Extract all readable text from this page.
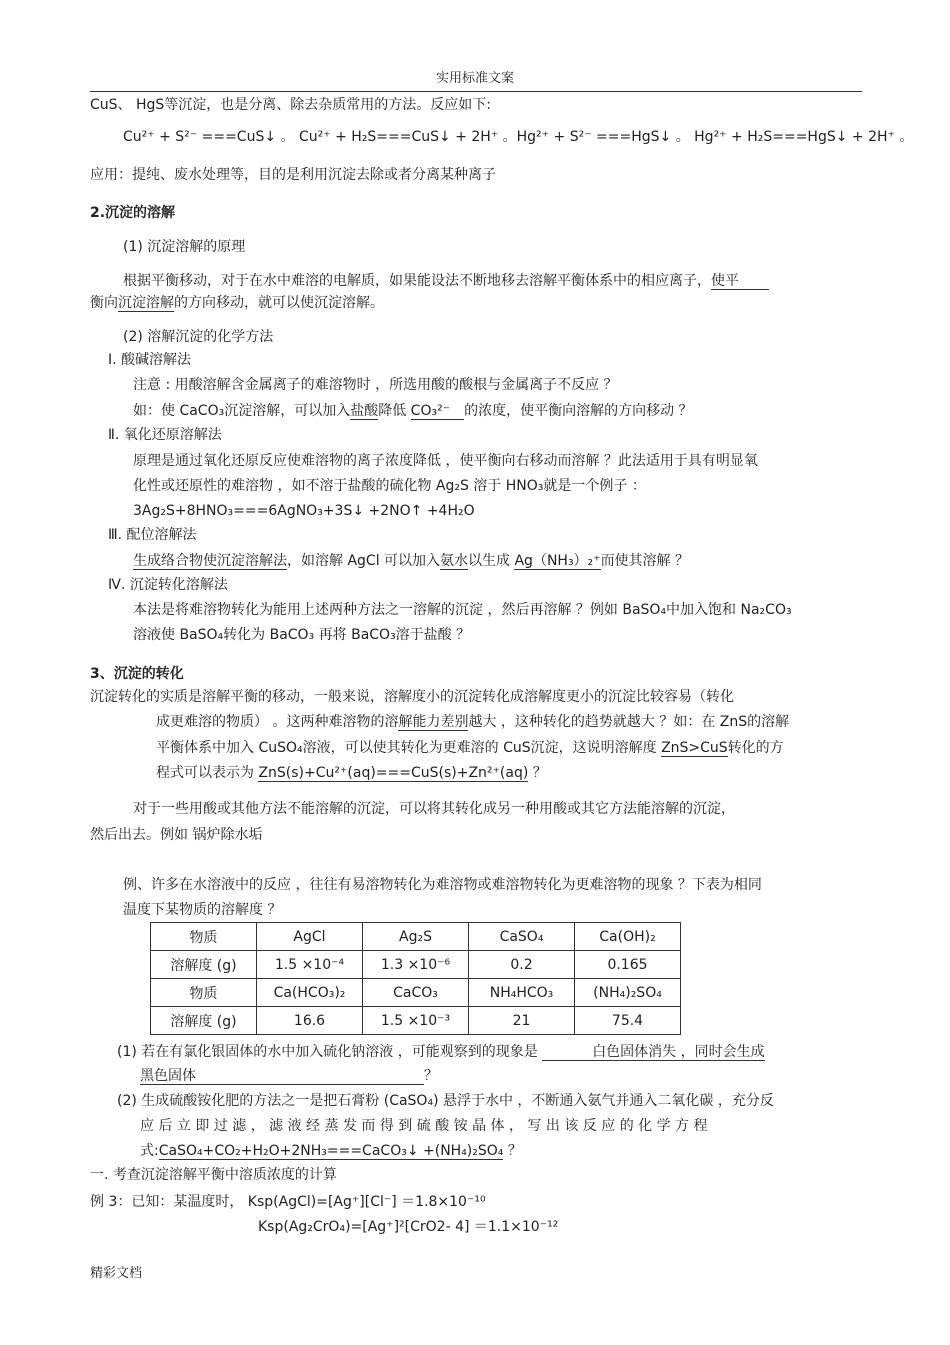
实用标准文案
CuS、 HgS等沉淀，也是分离、除去杂质常用的方法。反应如下:
Cu²⁺ + S²⁻ ===CuS↓ 。 Cu²⁺ + H₂S===CuS↓ + 2H⁺ 。Hg²⁺ + S²⁻ ===HgS↓ 。 Hg²⁺ + H₂S===HgS↓ + 2H⁺ 。
应用：提纯、废水处理等，目的是利用沉淀去除或者分离某种离子
2.沉淀的溶解
(1) 沉淀溶解的原理
根据平衡移动，对于在水中难溶的电解质，如果能设法不断地移去溶解平衡体系中的相应离子，使平
衡向沉淀溶解的方向移动，就可以使沉淀溶解。
(2) 溶解沉淀的化学方法
Ⅰ. 酸碱溶解法
注意 : 用酸溶解含金属离子的难溶物时 ，所选用酸的酸根与金属离子不反应 ？
如：使 CaCO₃沉淀溶解，可以加入盐酸降低 CO₃²⁻ 的浓度，使平衡向溶解的方向移动 ？
Ⅱ. 氧化还原溶解法
原理是通过氧化还原反应使难溶物的离子浓度降低 ，使平衡向右移动而溶解 ？此法适用于具有明显氧
化性或还原性的难溶物 ，如不溶于盐酸的硫化物 Ag₂S 溶于 HNO₃就是一个例子 ：
3Ag₂S+8HNO₃===6AgNO₃+3S↓ +2NO↑ +4H₂O
Ⅲ. 配位溶解法
生成络合物使沉淀溶解法，如溶解 AgCl 可以加入氨水以生成 Ag（NH₃）₂⁺而使其溶解 ？
Ⅳ. 沉淀转化溶解法
本法是将难溶物转化为能用上述两种方法之一溶解的沉淀 ，然后再溶解 ？例如 BaSO₄中加入饱和 Na₂CO₃
溶液使 BaSO₄转化为 BaCO₃ 再将 BaCO₃溶于盐酸 ？
3、沉淀的转化
沉淀转化的实质是溶解平衡的移动，一般来说，溶解度小的沉淀转化成溶解度更小的沉淀比较容易（转化
成更难溶的物质） 。这两种难溶物的溶解能力差别越大 ，这种转化的趋势就越大 ？如：在 ZnS的溶解
平衡体系中加入 CuSO₄溶液，可以使其转化为更难溶的 CuS沉淀，这说明溶解度 ZnS>CuS转化的方
程式可以表示为 ZnS(s)+Cu²⁺(aq)===CuS(s)+Zn²⁺(aq) ？
对于一些用酸或其他方法不能溶解的沉淀，可以将其转化成另一种用酸或其它方法能溶解的沉淀，
然后出去。例如 锅炉除水垢
例、许多在水溶液中的反应 ，往往有易溶物转化为难溶物或难溶物转化为更难溶物的现象 ？下表为相同
温度下某物质的溶解度 ？
物质	AgCl	Ag₂S	CaSO₄	Ca(OH)₂
溶解度 (g)	1.5 ×10⁻⁴	1.3 ×10⁻⁶	0.2	0.165
物质	Ca(HCO₃)₂	CaCO₃	NH₄HCO₃	(NH₄)₂SO₄
溶解度 (g)	16.6	1.5 ×10⁻³	21	75.4
(1) 若在有氯化银固体的水中加入硫化钠溶液 ，可能观察到的现象是	白色固体消失 ，同时会生成
黑色固体	？
(2) 生成硫酸铵化肥的方法之一是把石膏粉 (CaSO₄) 悬浮于水中 ，不断通入氨气并通入二氧化碳 ，充分反
应 后 立 即 过 滤 ， 滤 液 经 蒸 发 而 得 到 硫 酸 铵 晶 体 ， 写 出 该 反 应 的 化 学 方 程
式:CaSO₄+CO₂+H₂O+2NH₃===CaCO₃↓ +(NH₄)₂SO₄ ？
一. 考查沉淀溶解平衡中溶质浓度的计算
例 3：已知：某温度时， Ksp(AgCl)=[Ag⁺][Cl⁻] ＝1.8×10⁻¹⁰
Ksp(Ag₂CrO₄)=[Ag⁺]²[CrO2- 4] ＝1.1×10⁻¹²
精彩文档
